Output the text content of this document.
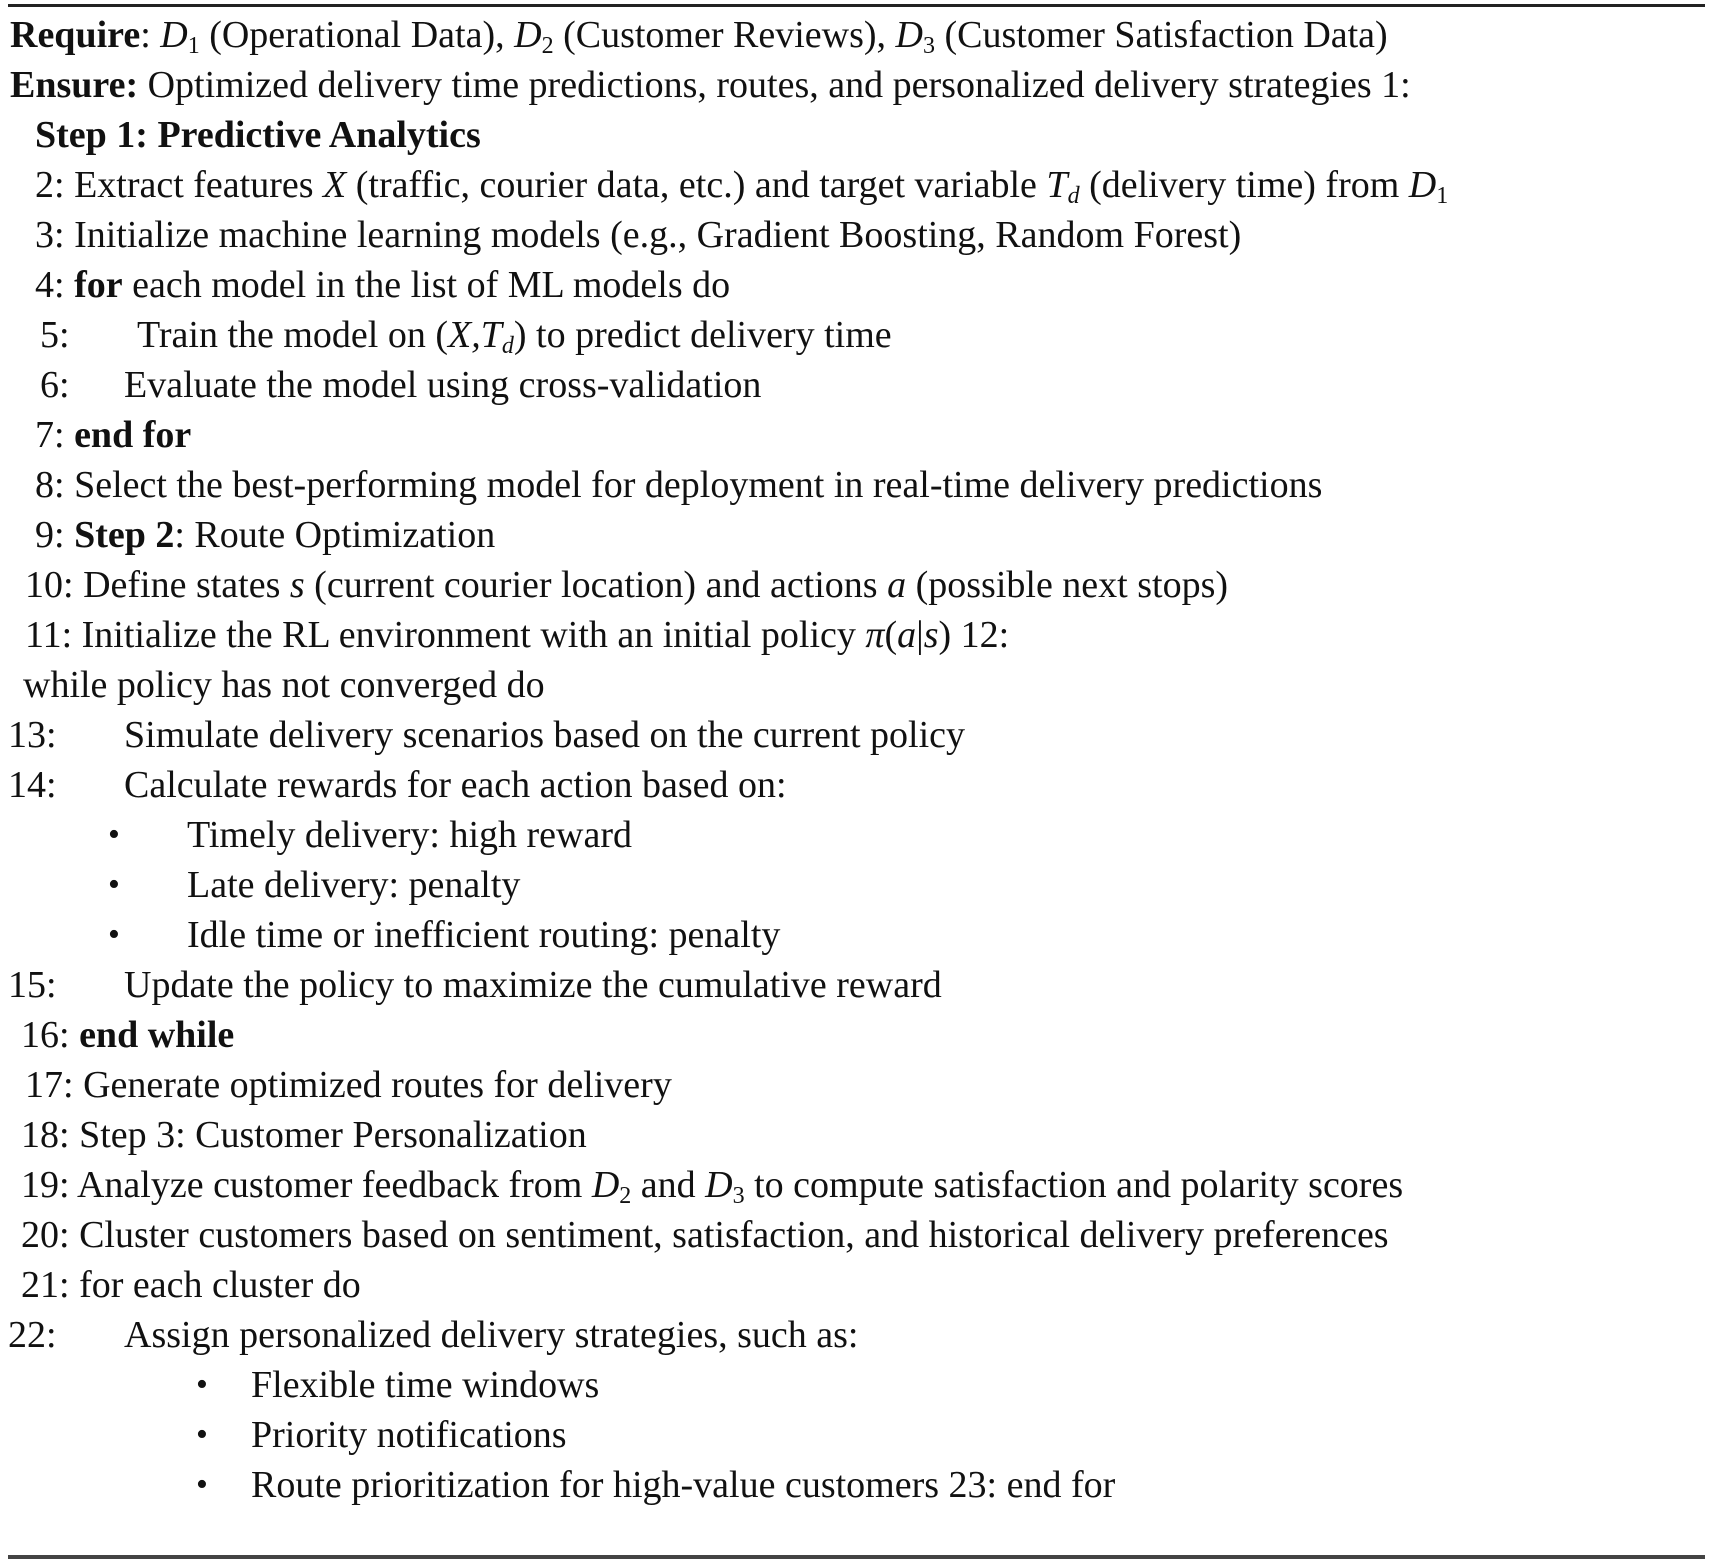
Require: $D_1$ (Operational Data), $D_2$ (Customer Reviews), $D_3$ (Customer Satisfaction Data)
Ensure: Optimized delivery time predictions, routes, and personalized delivery strategies 1:
Step 1: Predictive Analytics
2: Extract features X (traffic, courier data, etc.) and target variable $T_d$ (delivery time) from $D_1$
3: Initialize machine learning models (e.g., Gradient Boosting, Random Forest)
4: for each model in the list of ML models do
5: Train the model on $(X,T_d)$ to predict delivery time
6: Evaluate the model using cross-validation
7: end for
8: Select the best-performing model for deployment in real-time delivery predictions
9: Step 2: Route Optimization
10: Define states s (current courier location) and actions a (possible next stops)
11: Initialize the RL environment with an initial policy π(a|s) 12:
while policy has not converged do
13: Simulate delivery scenarios based on the current policy
14: Calculate rewards for each action based on:
• Timely delivery: high reward
• Late delivery: penalty
• Idle time or inefficient routing: penalty
15: Update the policy to maximize the cumulative reward
16: end while
17: Generate optimized routes for delivery
18: Step 3: Customer Personalization
19: Analyze customer feedback from $D_2$ and $D_3$ to compute satisfaction and polarity scores
20: Cluster customers based on sentiment, satisfaction, and historical delivery preferences
21: for each cluster do
22: Assign personalized delivery strategies, such as:
• Flexible time windows
• Priority notifications
• Route prioritization for high-value customers 23: end for
